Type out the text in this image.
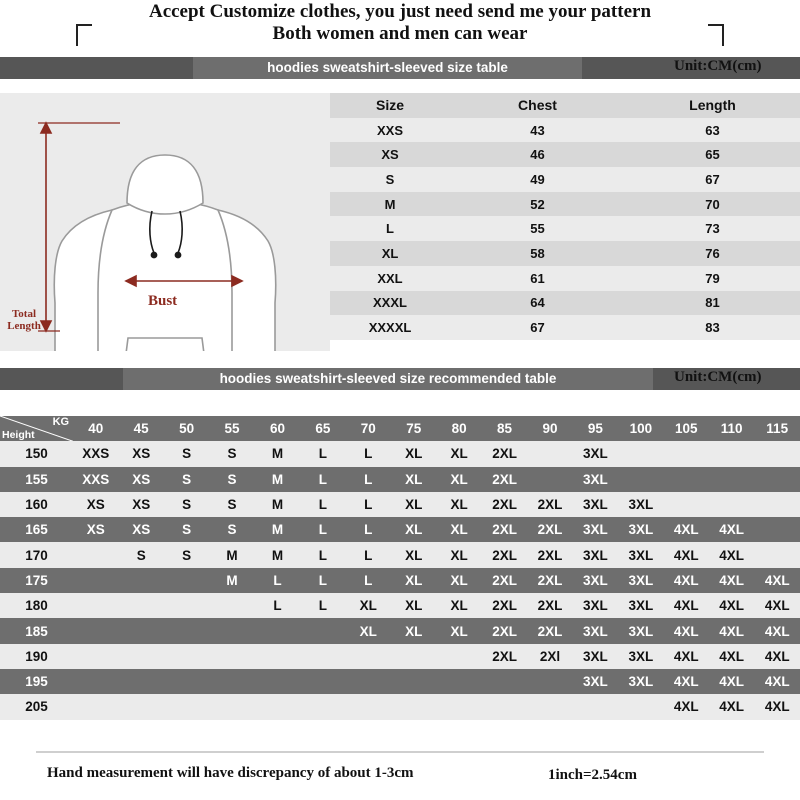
Accept Customize clothes, you just need send me your pattern
Both women and men can wear
hoodies sweatshirt-sleeved size table	Unit:CM(cm)
Bust
Total
Length
Size	Chest	Length
XXS	43	63
XS	46	65
S	49	67
M	52	70
L	55	73
XL	58	76
XXL	61	79
XXXL	64	81
XXXXL	67	83
hoodies sweatshirt-sleeved size recommended table	Unit:CM(cm)
KG
Height	40	45	50	55	60	65	70	75	80	85	90	95	100	105	110	115
150	XXS	XS	S	S	M	L	L	XL	XL	2XL		3XL				
155	XXS	XS	S	S	M	L	L	XL	XL	2XL		3XL				
160	XS	XS	S	S	M	L	L	XL	XL	2XL	2XL	3XL	3XL			
165	XS	XS	S	S	M	L	L	XL	XL	2XL	2XL	3XL	3XL	4XL	4XL	
170		S	S	M	M	L	L	XL	XL	2XL	2XL	3XL	3XL	4XL	4XL	
175				M	L	L	L	XL	XL	2XL	2XL	3XL	3XL	4XL	4XL	4XL
180					L	L	XL	XL	XL	2XL	2XL	3XL	3XL	4XL	4XL	4XL
185							XL	XL	XL	2XL	2XL	3XL	3XL	4XL	4XL	4XL
190										2XL	2Xl	3XL	3XL	4XL	4XL	4XL
195												3XL	3XL	4XL	4XL	4XL
205														4XL	4XL	4XL
Hand measurement will have discrepancy of about 1-3cm	1inch=2.54cm
